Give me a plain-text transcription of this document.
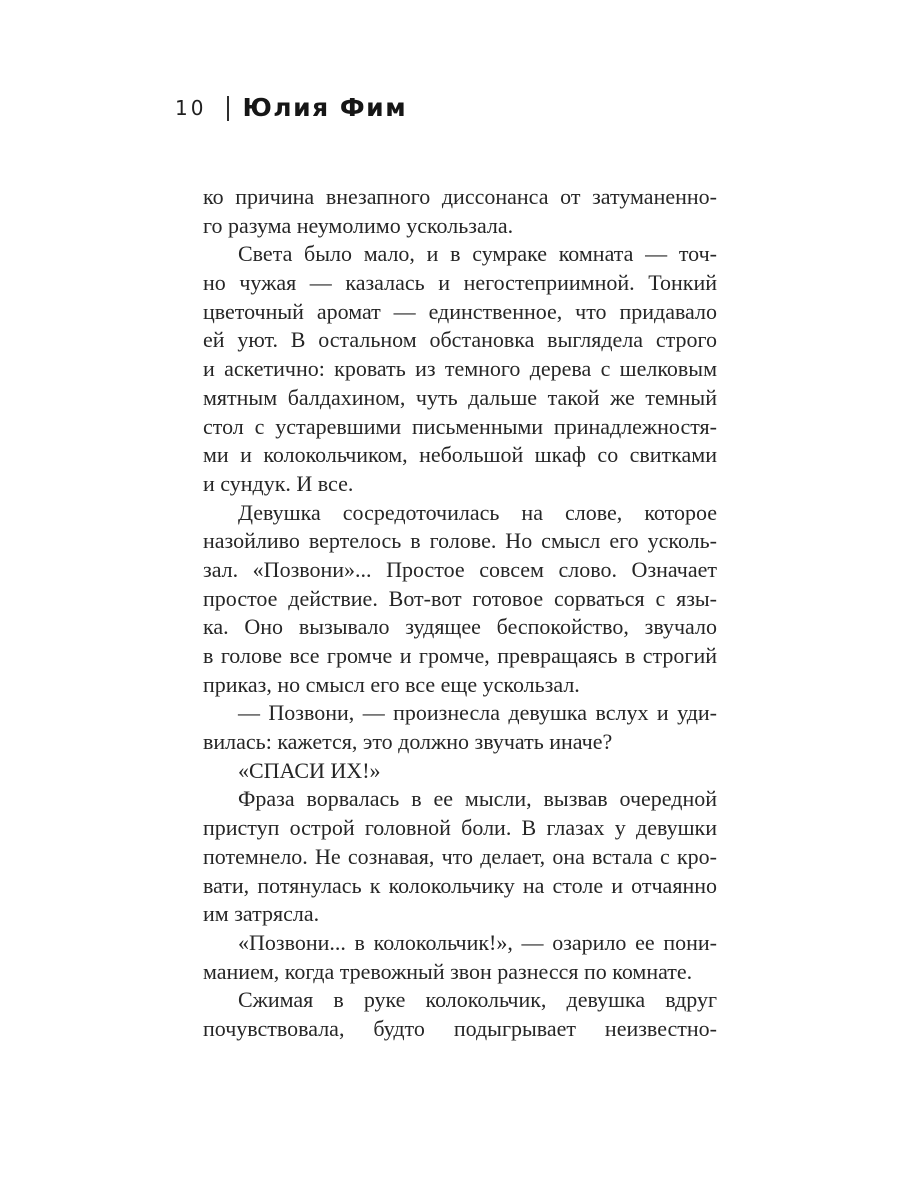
10 Юлия Фим
ко причина внезапного диссонанса от затуманенно-
го разума неумолимо ускользала.
Света было мало, и в сумраке комната — точ-
но чужая — казалась и негостеприимной. Тонкий
цветочный аромат — единственное, что придавало
ей уют. В остальном обстановка выглядела строго
и аскетично: кровать из темного дерева с шелковым
мятным балдахином, чуть дальше такой же темный
стол с устаревшими письменными принадлежностя-
ми и колокольчиком, небольшой шкаф со свитками
и сундук. И все.
Девушка сосредоточилась на слове, которое
назойливо вертелось в голове. Но смысл его усколь-
зал. «Позвони»... Простое совсем слово. Означает
простое действие. Вот-вот готовое сорваться с язы-
ка. Оно вызывало зудящее беспокойство, звучало
в голове все громче и громче, превращаясь в строгий
приказ, но смысл его все еще ускользал.
— Позвони, — произнесла девушка вслух и уди-
вилась: кажется, это должно звучать иначе?
«СПАСИ ИХ!»
Фраза ворвалась в ее мысли, вызвав очередной
приступ острой головной боли. В глазах у девушки
потемнело. Не сознавая, что делает, она встала с кро-
вати, потянулась к колокольчику на столе и отчаянно
им затрясла.
«Позвони... в колокольчик!», — озарило ее пони-
манием, когда тревожный звон разнесся по комнате.
Сжимая в руке колокольчик, девушка вдруг
почувствовала, будто подыгрывает неизвестно-
